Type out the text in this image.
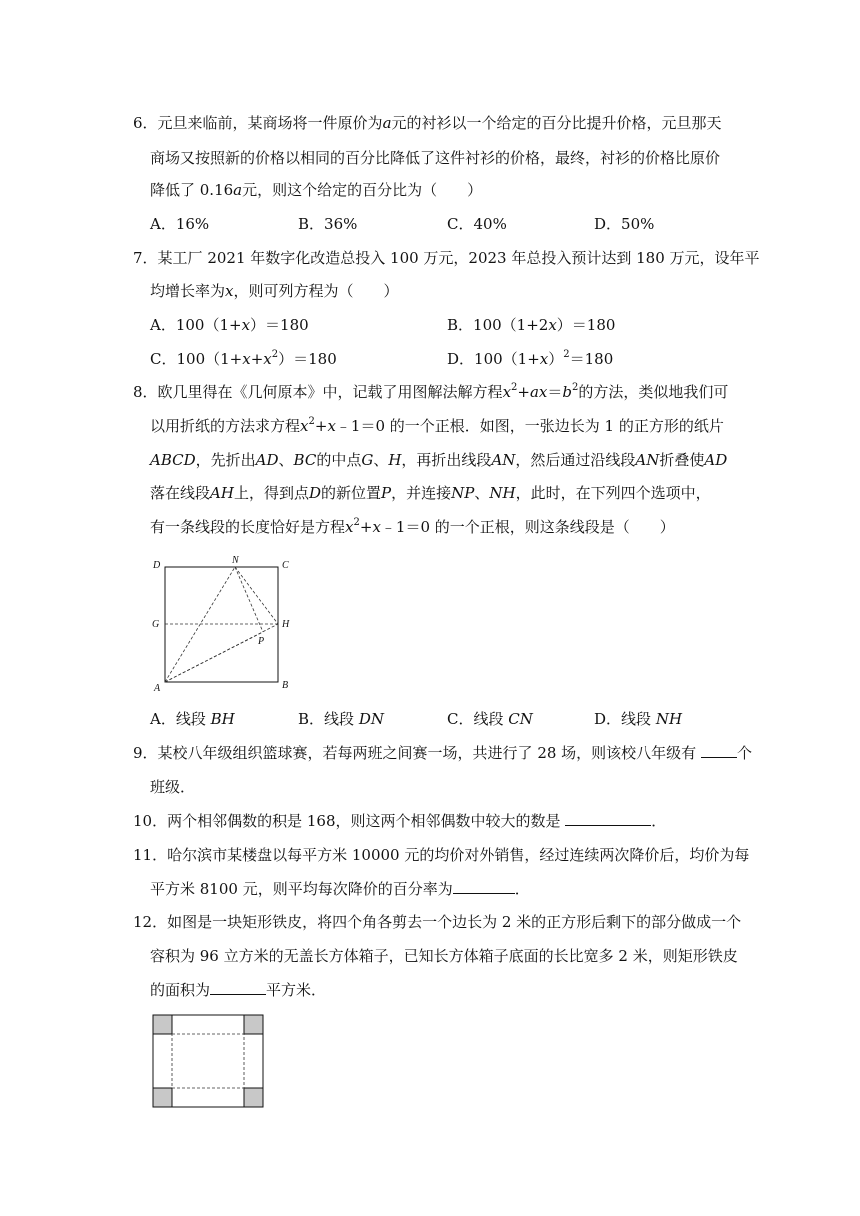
6．元旦来临前，某商场将一件原价为a元的衬衫以一个给定的百分比提升价格，元旦那天
商场又按照新的价格以相同的百分比降低了这件衬衫的价格，最终，衬衫的价格比原价
降低了 0.16a元，则这个给定的百分比为（　　）
A．16%	B．36%	C．40%	D．50%
7．某工厂 2021 年数字化改造总投入 100 万元，2023 年总投入预计达到 180 万元，设年平
均增长率为x，则可列方程为（　　）
A．100（1+x）＝180	B．100（1+2x）＝180
C．$100(1+x+x^2)=180$	D．$100(1+x)^2=180$
8．欧几里得在《几何原本》中，记载了用图解法解方程$x^2+ax=b^2$的方法，类似地我们可
以用折纸的方法求方程$x^2+x﹣1=0$ 的一个正根．如图，一张边长为 1 的正方形的纸片
ABCD，先折出AD、BC的中点G、H，再折出线段AN，然后通过沿线段AN折叠使AD
落在线段AH上，得到点D的新位置P，并连接NP、NH，此时，在下列四个选项中，
有一条线段的长度恰好是方程$x^2+x﹣1=0$ 的一个正根，则这条线段是（　　）
D	N	C
G	H
P
A	B
A．线段 BH	B．线段 DN	C．线段 CN	D．线段 NH
9．某校八年级组织篮球赛，若每两班之间赛一场，共进行了 28 场，则该校八年级有	个
班级．
10．两个相邻偶数的积是 168，则这两个相邻偶数中较大的数是	．
11．哈尔滨市某楼盘以每平方米 10000 元的均价对外销售，经过连续两次降价后，均价为每
平方米 8100 元，则平均每次降价的百分率为	．
12．如图是一块矩形铁皮，将四个角各剪去一个边长为 2 米的正方形后剩下的部分做成一个
容积为 96 立方米的无盖长方体箱子，已知长方体箱子底面的长比宽多 2 米，则矩形铁皮
的面积为	平方米．
